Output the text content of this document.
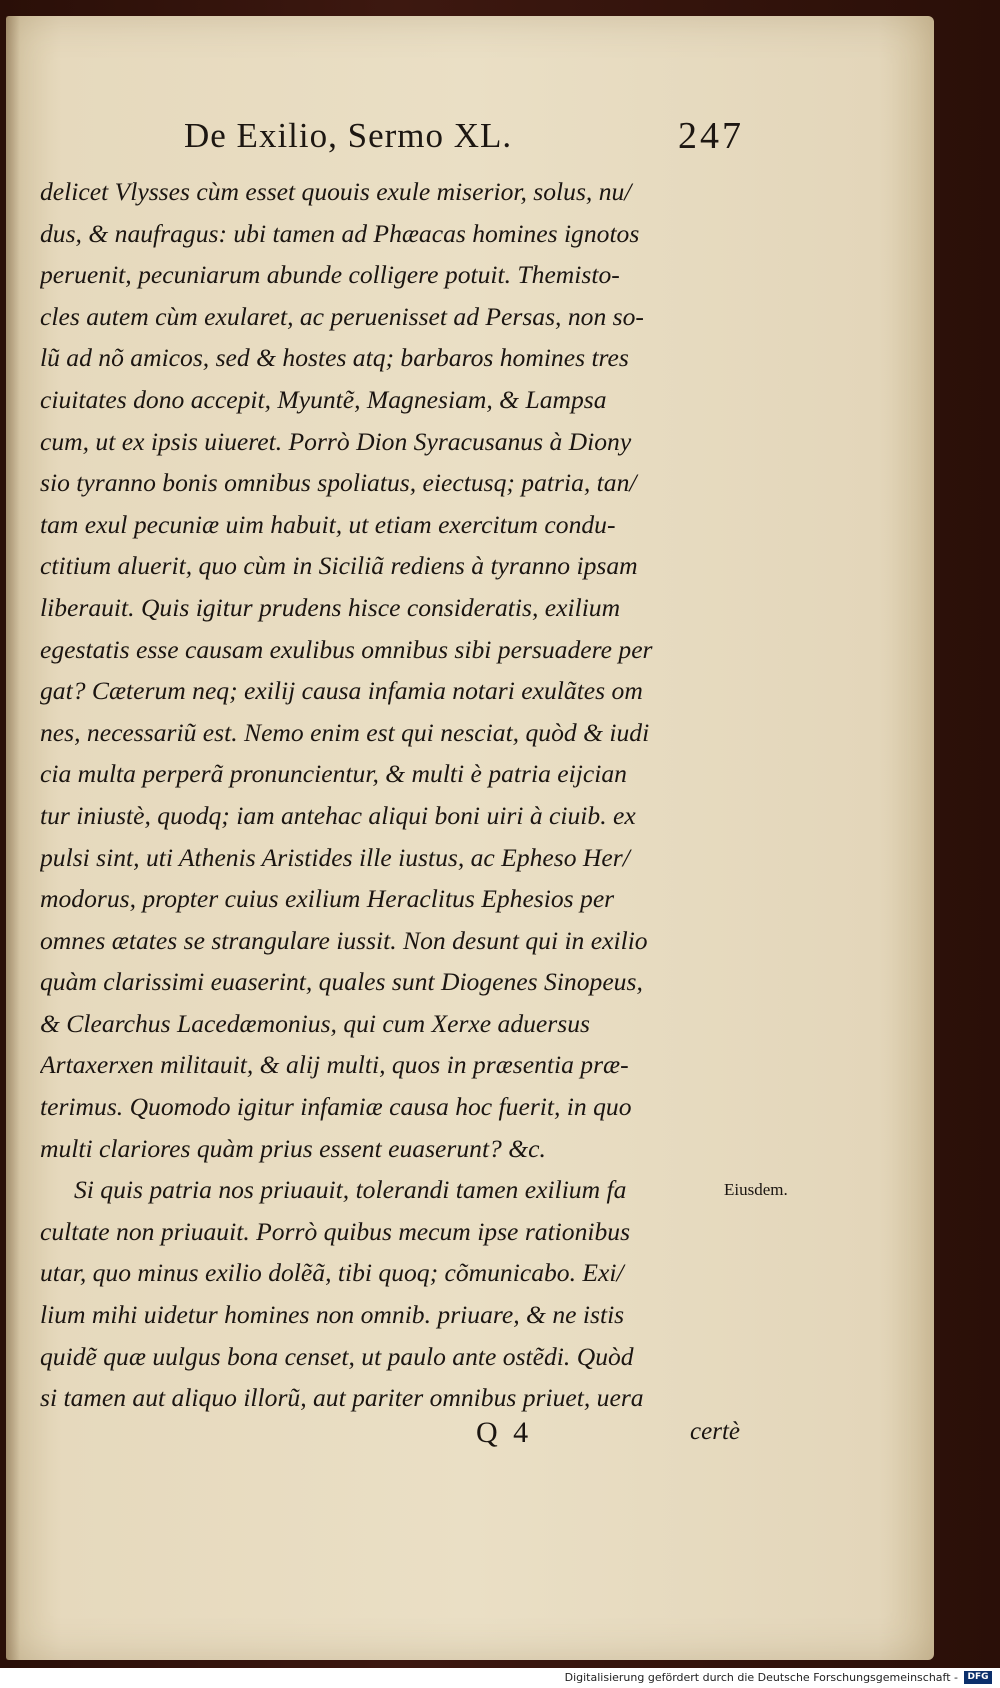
De Exilio, Sermo XL.	247
delicet Vlysses cùm esset quouis exule miserior, solus, nu/
dus, & naufragus: ubi tamen ad Phæacas homines ignotos
peruenit, pecuniarum abunde colligere potuit. Themisto-
cles autem cùm exularet, ac peruenisset ad Persas, non so-
lũ ad nõ amicos, sed & hostes atq; barbaros homines tres
ciuitates dono accepit, Myuntẽ, Magnesiam, & Lampsa
cum, ut ex ipsis uiueret. Porrò Dion Syracusanus à Diony
sio tyranno bonis omnibus spoliatus, eiectusq; patria, tan/
tam exul pecuniæ uim habuit, ut etiam exercitum condu-
ctitium aluerit, quo cùm in Siciliã rediens à tyranno ipsam
liberauit. Quis igitur prudens hisce consideratis, exilium
egestatis esse causam exulibus omnibus sibi persuadere per
gat? Cæterum neq; exilij causa infamia notari exulãtes om
nes, necessariũ est. Nemo enim est qui nesciat, quòd & iudi
cia multa perperã pronuncientur, & multi è patria eijcian
tur iniustè, quodq; iam antehac aliqui boni uiri à ciuib. ex
pulsi sint, uti Athenis Aristides ille iustus, ac Epheso Her/
modorus, propter cuius exilium Heraclitus Ephesios per
omnes ætates se strangulare iussit. Non desunt qui in exilio
quàm clarissimi euaserint, quales sunt Diogenes Sinopeus,
& Clearchus Lacedæmonius, qui cum Xerxe aduersus
Artaxerxen militauit, & alij multi, quos in præsentia præ-
terimus. Quomodo igitur infamiæ causa hoc fuerit, in quo
multi clariores quàm prius essent euaserunt? &c.
Si quis patria nos priuauit, tolerandi tamen exilium fa
cultate non priuauit. Porrò quibus mecum ipse rationibus
utar, quo minus exilio dolẽã, tibi quoq; cõmunicabo. Exi/
lium mihi uidetur homines non omnib. priuare, & ne istis
quidẽ quæ uulgus bona censet, ut paulo ante ostẽdi. Quòd
si tamen aut aliquo illorũ, aut pariter omnibus priuet, uera
Eiusdem.
Q 4	certè
Digitalisierung gefördert durch die Deutsche Forschungsgemeinschaft -	DFG
